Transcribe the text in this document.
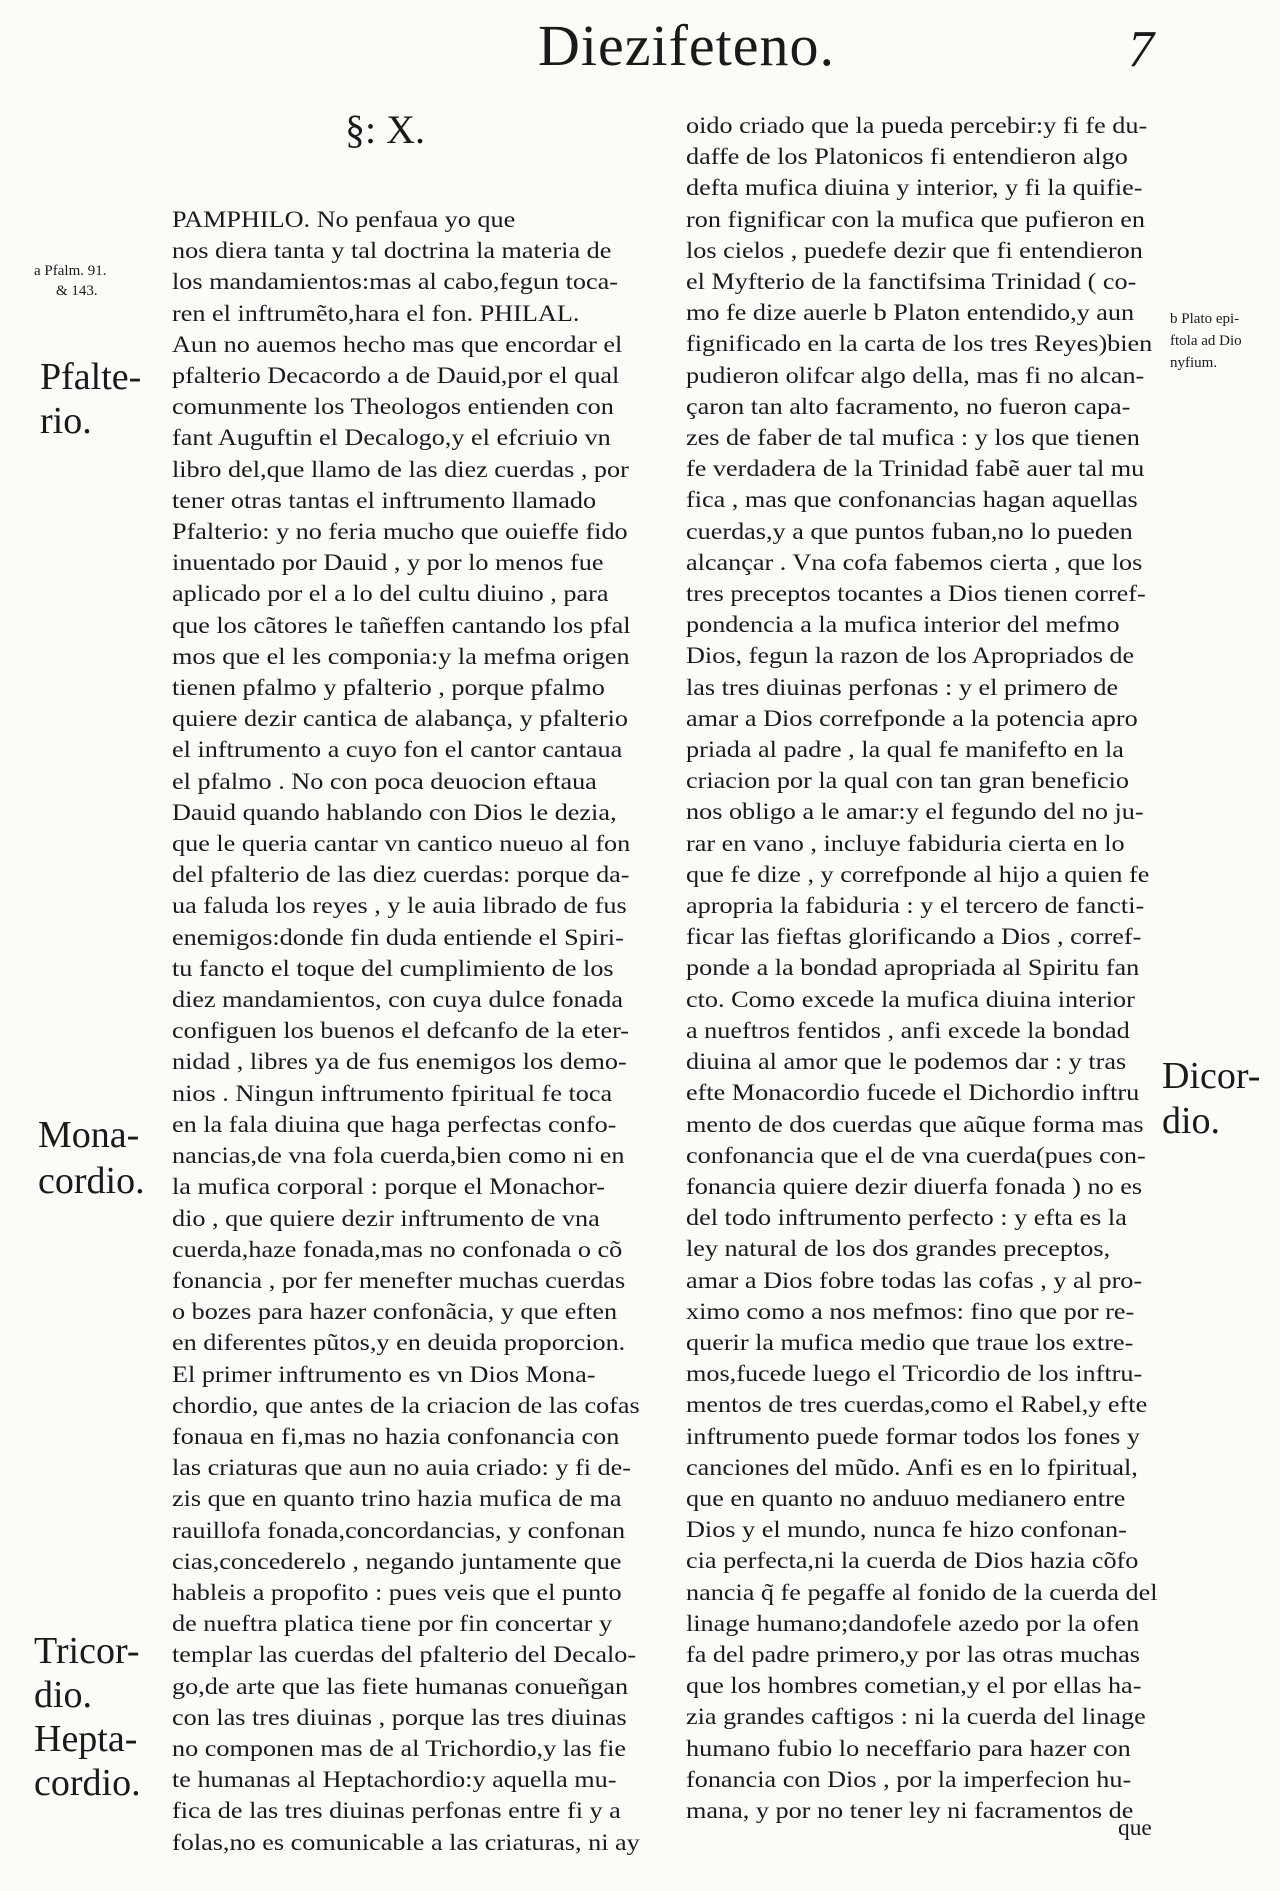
Diezifeteno.	7
§: X.
PAMPHILO. No penfaua yo que
nos diera tanta y tal doctrina la materia de
los mandamientos:mas al cabo,fegun toca-
ren el inftrumẽto,hara el fon. PHILAL.
Aun no auemos hecho mas que encordar el
pfalterio Decacordo a de Dauid,por el qual
comunmente los Theologos entienden con
fant Auguftin el Decalogo,y el efcriuio vn
libro del,que llamo de las diez cuerdas , por
tener otras tantas el inftrumento llamado
Pfalterio: y no feria mucho que ouieffe fido
inuentado por Dauid , y por lo menos fue
aplicado por el a lo del cultu diuino , para
que los cãtores le tañeffen cantando los pfal
mos que el les componia:y la mefma origen
tienen pfalmo y pfalterio , porque pfalmo
quiere dezir cantica de alabança, y pfalterio
el inftrumento a cuyo fon el cantor cantaua
el pfalmo . No con poca deuocion eftaua
Dauid quando hablando con Dios le dezia,
que le queria cantar vn cantico nueuo al fon
del pfalterio de las diez cuerdas: porque da-
ua faluda los reyes , y le auia librado de fus
enemigos:donde fin duda entiende el Spiri-
tu fancto el toque del cumplimiento de los
diez mandamientos, con cuya dulce fonada
configuen los buenos el defcanfo de la eter-
nidad , libres ya de fus enemigos los demo-
nios . Ningun inftrumento fpiritual fe toca
en la fala diuina que haga perfectas confo-
nancias,de vna fola cuerda,bien como ni en
la mufica corporal : porque el Monachor-
dio , que quiere dezir inftrumento de vna
cuerda,haze fonada,mas no confonada o cõ
fonancia , por fer menefter muchas cuerdas
o bozes para hazer confonãcia, y que eften
en diferentes pũtos,y en deuida proporcion.
El primer inftrumento es vn Dios Mona-
chordio, que antes de la criacion de las cofas
fonaua en fi,mas no hazia confonancia con
las criaturas que aun no auia criado: y fi de-
zis que en quanto trino hazia mufica de ma
rauillofa fonada,concordancias, y confonan
cias,concederelo , negando juntamente que
hableis a propofito : pues veis que el punto
de nueftra platica tiene por fin concertar y
templar las cuerdas del pfalterio del Decalo-
go,de arte que las fiete humanas conueñgan
con las tres diuinas , porque las tres diuinas
no componen mas de al Trichordio,y las fie
te humanas al Heptachordio:y aquella mu-
fica de las tres diuinas perfonas entre fi y a
folas,no es comunicable a las criaturas, ni ay
oido criado que la pueda percebir:y fi fe du-
daffe de los Platonicos fi entendieron algo
defta mufica diuina y interior, y fi la quifie-
ron fignificar con la mufica que pufieron en
los cielos , puedefe dezir que fi entendieron
el Myfterio de la fanctifsima Trinidad ( co-
mo fe dize auerle b Platon entendido,y aun
fignificado en la carta de los tres Reyes)bien
pudieron olifcar algo della, mas fi no alcan-
çaron tan alto facramento, no fueron capa-
zes de faber de tal mufica : y los que tienen
fe verdadera de la Trinidad fabẽ auer tal mu
fica , mas que confonancias hagan aquellas
cuerdas,y a que puntos fuban,no lo pueden
alcançar . Vna cofa fabemos cierta , que los
tres preceptos tocantes a Dios tienen corref-
pondencia a la mufica interior del mefmo
Dios, fegun la razon de los Apropriados de
las tres diuinas perfonas : y el primero de
amar a Dios correfponde a la potencia apro
priada al padre , la qual fe manifefto en la
criacion por la qual con tan gran beneficio
nos obligo a le amar:y el fegundo del no ju-
rar en vano , incluye fabiduria cierta en lo
que fe dize , y correfponde al hijo a quien fe
apropria la fabiduria : y el tercero de fancti-
ficar las fieftas glorificando a Dios , corref-
ponde a la bondad apropriada al Spiritu fan
cto. Como excede la mufica diuina interior
a nueftros fentidos , anfi excede la bondad
diuina al amor que le podemos dar : y tras
efte Monacordio fucede el Dichordio inftru
mento de dos cuerdas que aũque forma mas
confonancia que el de vna cuerda(pues con-
fonancia quiere dezir diuerfa fonada ) no es
del todo inftrumento perfecto : y efta es la
ley natural de los dos grandes preceptos,
amar a Dios fobre todas las cofas , y al pro-
ximo como a nos mefmos: fino que por re-
querir la mufica medio que traue los extre-
mos,fucede luego el Tricordio de los inftru-
mentos de tres cuerdas,como el Rabel,y efte
inftrumento puede formar todos los fones y
canciones del mũdo. Anfi es en lo fpiritual,
que en quanto no anduuo medianero entre
Dios y el mundo, nunca fe hizo confonan-
cia perfecta,ni la cuerda de Dios hazia cõfo
nancia q̃ fe pegaffe al fonido de la cuerda del
linage humano;dandofele azedo por la ofen
fa del padre primero,y por las otras muchas
que los hombres cometian,y el por ellas ha-
zia grandes caftigos : ni la cuerda del linage
humano fubio lo neceffario para hazer con
fonancia con Dios , por la imperfecion hu-
mana, y por no tener ley ni facramentos de
que
a Pfalm. 91.
& 143.
Pfalte-
rio.
Mona-
cordio.
Tricor-
dio.
Hepta-
cordio.
b Plato epi-
ftola ad Dio
nyfium.
Dicor-
dio.
